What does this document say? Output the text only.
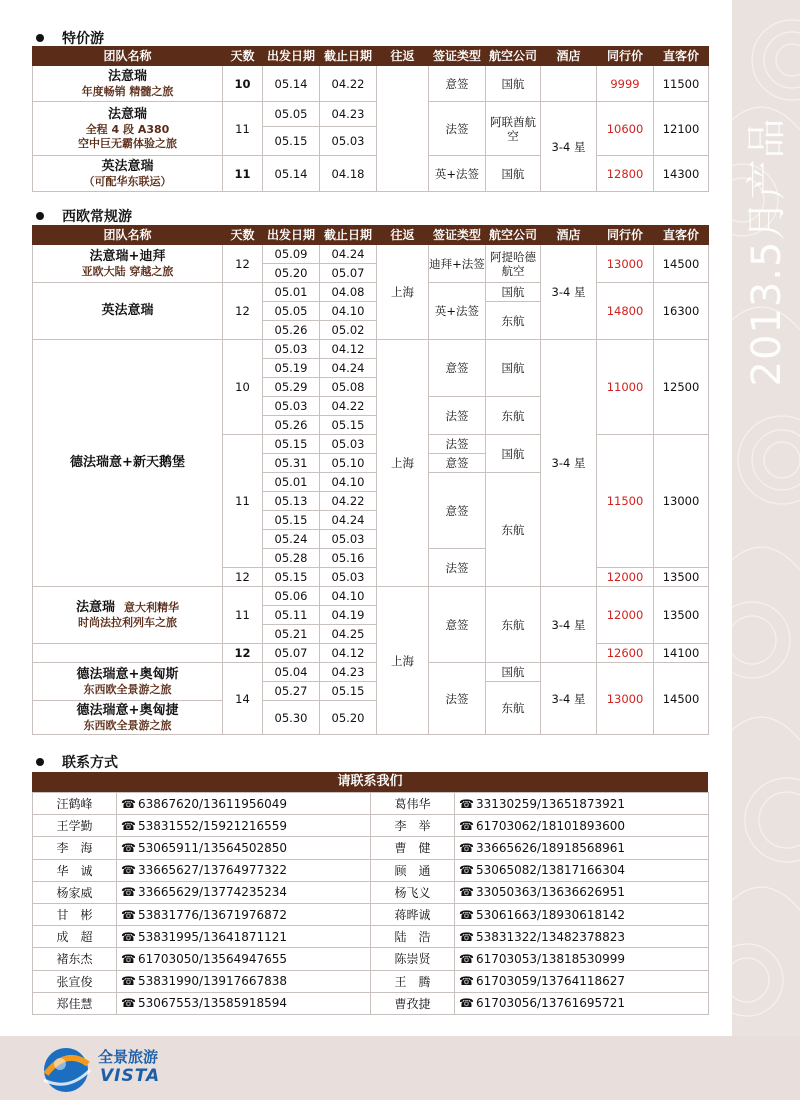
2013.5月产品
特价游
团队名称	天数	出发日期	截止日期	往返	签证类型	航空公司	酒店	同行价	直客价

法意瑞
年度畅销 精髓之旅	10	05.14	04.22		意签	国航		9999	11500

法意瑞
全程 4 段 A380
空中巨无霸体验之旅	11	05.05	04.23		法签	阿联酋航空	3-4 星	10600	12100
		05.15	05.03						

英法意瑞
（可配华东联运）	11	05.14	04.18		英+法签	国航		12800	14300
西欧常规游
团队名称	天数	出发日期	截止日期	往返	签证类型	航空公司	酒店	同行价	直客价

法意瑞+迪拜
亚欧大陆 穿越之旅	12	05.09	04.24	上海	迪拜+法签	阿提哈德航空	3-4 星	13000	14500
		05.20	05.07						
英法意瑞	12	05.01	04.08		英+法签	国航		14800	16300
		05.05	04.10			东航			
		05.26	05.02						
德法瑞意+新天鹅堡	10	05.03	04.12	上海	意签	国航	3-4 星	11000	12500
		05.19	04.24						
		05.29	05.08						
		05.03	04.22		法签	东航			
		05.26	05.15						
	11	05.15	05.03		法签	国航		11500	13000
		05.31	05.10		意签				
		05.01	04.10		意签	东航			
		05.13	04.22						
		05.15	04.24						
		05.24	05.03						
		05.28	05.16		法签				
	12	05.15	05.03					12000	13500

法意瑞 意大利精华
时尚法拉利列车之旅	11	05.06	04.10	上海	意签	东航	3-4 星	12000	13500
		05.11	04.19						
		05.21	04.25						
	12	05.07	04.12					12600	14100

德法瑞意+奥匈斯
东西欧全景游之旅	14	05.04	04.23		法签	国航	3-4 星	13000	14500
		05.27	05.15			东航			

德法瑞意+奥匈捷
东西欧全景游之旅		05.30	05.20						
联系方式
请联系我们
汪鹤峰	☎ 63867620/13611956049	葛伟华	☎ 33130259/13651873921
王学勤	☎ 53831552/15921216559	李　举	☎ 61703062/18101893600
李　海	☎ 53065911/13564502850	曹　健	☎ 33665626/18918568961
华　诚	☎ 33665627/13764977322	顾　通	☎ 53065082/13817166304
杨家威	☎ 33665629/13774235234	杨飞义	☎ 33050363/13636626951
甘　彬	☎ 53831776/13671976872	蒋晔诚	☎ 53061663/18930618142
成　超	☎ 53831995/13641871121	陆　浩	☎ 53831322/13482378823
褚东杰	☎ 61703050/13564947655	陈崇贤	☎ 61703053/13818530999
张宣俊	☎ 53831990/13917667838	王　腾	☎ 61703059/13764118627
郑佳慧	☎ 53067553/13585918594	曹孜捷	☎ 61703056/13761695721
全景旅游
VISTA
